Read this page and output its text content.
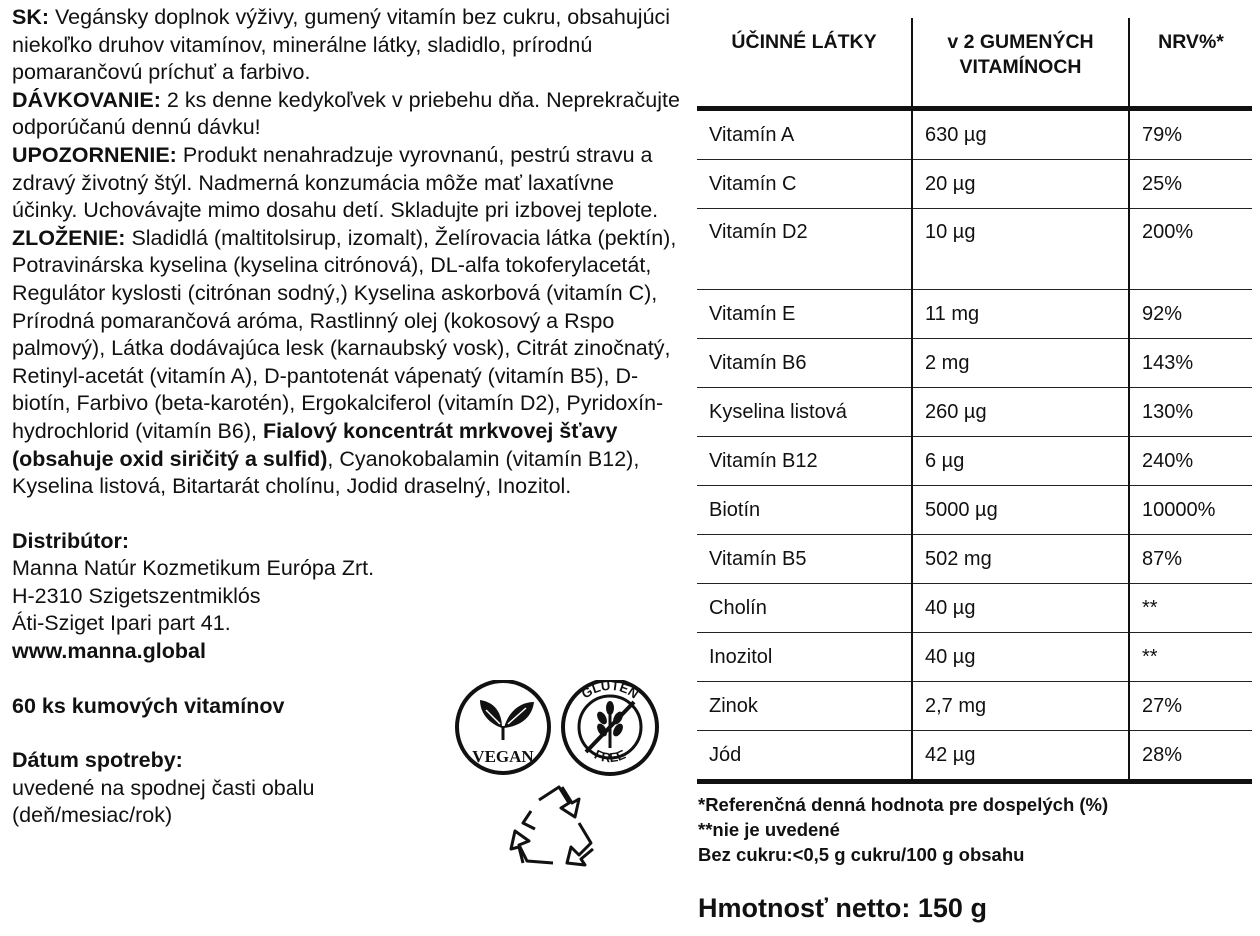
SK: Vegánsky doplnok výživy, gumený vitamín bez cukru, obsahujúci niekoľko druhov vitamínov, minerálne látky, sladidlo, prírodnú pomarančovú príchuť a farbivo.

DÁVKOVANIE: 2 ks denne kedykoľvek v priebehu dňa. Neprekračujte odporúčanú dennú dávku!

UPOZORNENIE: Produkt nenahradzuje vyrovnanú, pestrú stravu a zdravý životný štýl. Nadmerná konzumácia môže mať laxatívne účinky. Uchovávajte mimo dosahu detí. Skladujte pri izbovej teplote.

ZLOŽENIE: Sladidlá (maltitolsirup, izomalt), Želírovacia látka (pektín), Potravinárska kyselina (kyselina citrónová), DL-alfa tokoferylacetát, Regulátor kyslosti (citrónan sodný,) Kyselina askorbová (vitamín C), Prírodná pomarančová aróma, Rastlinný olej (kokosový a Rspo palmový), Látka dodávajúca lesk (karnaubský vosk), Citrát zinočnatý, Retinyl-acetát (vitamín A), D-pantotenát vápenatý (vitamín B5), D-biotín, Farbivo (beta-karotén), Ergokalciferol (vitamín D2), Pyridoxín-hydrochlorid (vitamín B6), Fialový koncentrát mrkvovej šťavy (obsahuje oxid siričitý a sulfid), Cyanokobalamin (vitamín B12), Kyselina listová, Bitartarát cholínu, Jodid draselný, Inozitol.

Distribútor:

Manna Natúr Kozmetikum Európa Zrt.

H-2310 Szigetszentmiklós

Áti-Sziget Ipari part 41.

www.manna.global

60 ks kumových vitamínov

Dátum spotreby:

uvedené na spodnej časti obalu

(deň/mesiac/rok)

VEGAN
GLUTEN
FREE
ÚČINNÉ LÁTKY	v 2 GUMENÝCH VITAMÍNOCH	NRV%*
Vitamín A	630 µg	79%
Vitamín C	20 µg	25%
Vitamín D2	10 µg	200%
Vitamín E	11 mg	92%
Vitamín B6	2 mg	143%
Kyselina listová	260 µg	130%
Vitamín B12	6 µg	240%
Biotín	5000 µg	10000%
Vitamín B5	502 mg	87%
Cholín	40 µg	**
Inozitol	40 µg	**
Zinok	2,7 mg	27%
Jód	42 µg	28%

*Referenčná denná hodnota pre dospelých (%)

**nie je uvedené

Bez cukru:<0,5 g cukru/100 g obsahu

Hmotnosť netto: 150 g
